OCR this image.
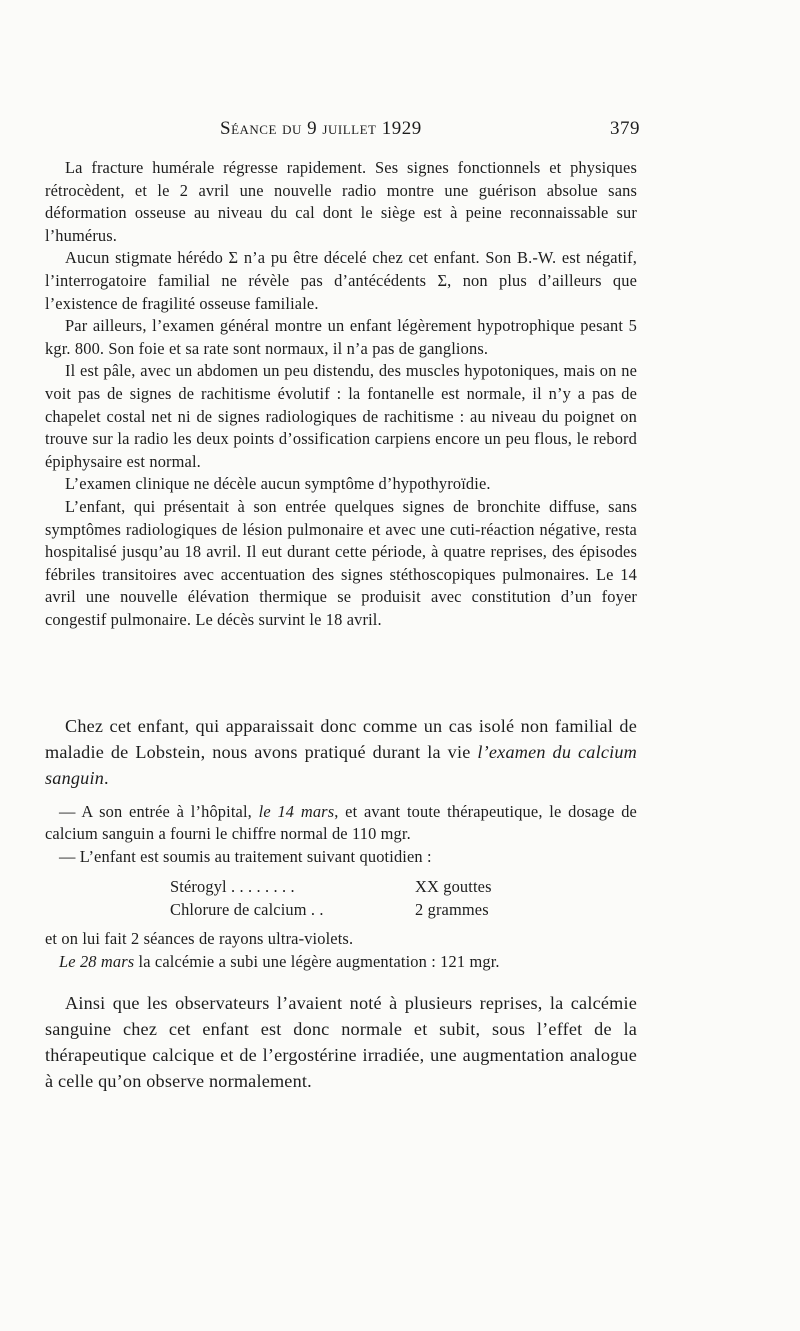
Séance du 9 juillet 1929	379

La fracture humérale régresse rapidement. Ses signes fonctionnels et physiques rétrocèdent, et le 2 avril une nouvelle radio montre une guérison absolue sans déformation osseuse au niveau du cal dont le siège est à peine reconnaissable sur l’humérus.

Aucun stigmate hérédo Σ n’a pu être décelé chez cet enfant. Son B.-W. est négatif, l’interrogatoire familial ne révèle pas d’antécédents Σ, non plus d’ailleurs que l’existence de fragilité osseuse familiale.

Par ailleurs, l’examen général montre un enfant légèrement hypotrophique pesant 5 kgr. 800. Son foie et sa rate sont normaux, il n’a pas de ganglions.

Il est pâle, avec un abdomen un peu distendu, des muscles hypotoniques, mais on ne voit pas de signes de rachitisme évolutif : la fontanelle est normale, il n’y a pas de chapelet costal net ni de signes radiologiques de rachitisme : au niveau du poignet on trouve sur la radio les deux points d’ossification carpiens encore un peu flous, le rebord épiphysaire est normal.

L’examen clinique ne décèle aucun symptôme d’hypothyroïdie.

L’enfant, qui présentait à son entrée quelques signes de bronchite diffuse, sans symptômes radiologiques de lésion pulmonaire et avec une cuti-réaction négative, resta hospitalisé jusqu’au 18 avril. Il eut durant cette période, à quatre reprises, des épisodes fébriles transitoires avec accentuation des signes stéthoscopiques pulmonaires. Le 14 avril une nouvelle élévation thermique se produisit avec constitution d’un foyer congestif pulmonaire. Le décès survint le 18 avril.

Chez cet enfant, qui apparaissait donc comme un cas isolé non familial de maladie de Lobstein, nous avons pratiqué durant la vie l’examen du calcium sanguin.

— A son entrée à l’hôpital, le 14 mars, et avant toute thérapeutique, le dosage de calcium sanguin a fourni le chiffre normal de 110 mgr.

— L’enfant est soumis au traitement suivant quotidien :

Stérogyl . . . . . . . .	XX gouttes
Chlorure de calcium . .	2 grammes

et on lui fait 2 séances de rayons ultra-violets.

Le 28 mars la calcémie a subi une légère augmentation : 121 mgr.

Ainsi que les observateurs l’avaient noté à plusieurs reprises, la calcémie sanguine chez cet enfant est donc normale et subit, sous l’effet de la thérapeutique calcique et de l’ergostérine irradiée, une augmentation analogue à celle qu’on observe normalement.
